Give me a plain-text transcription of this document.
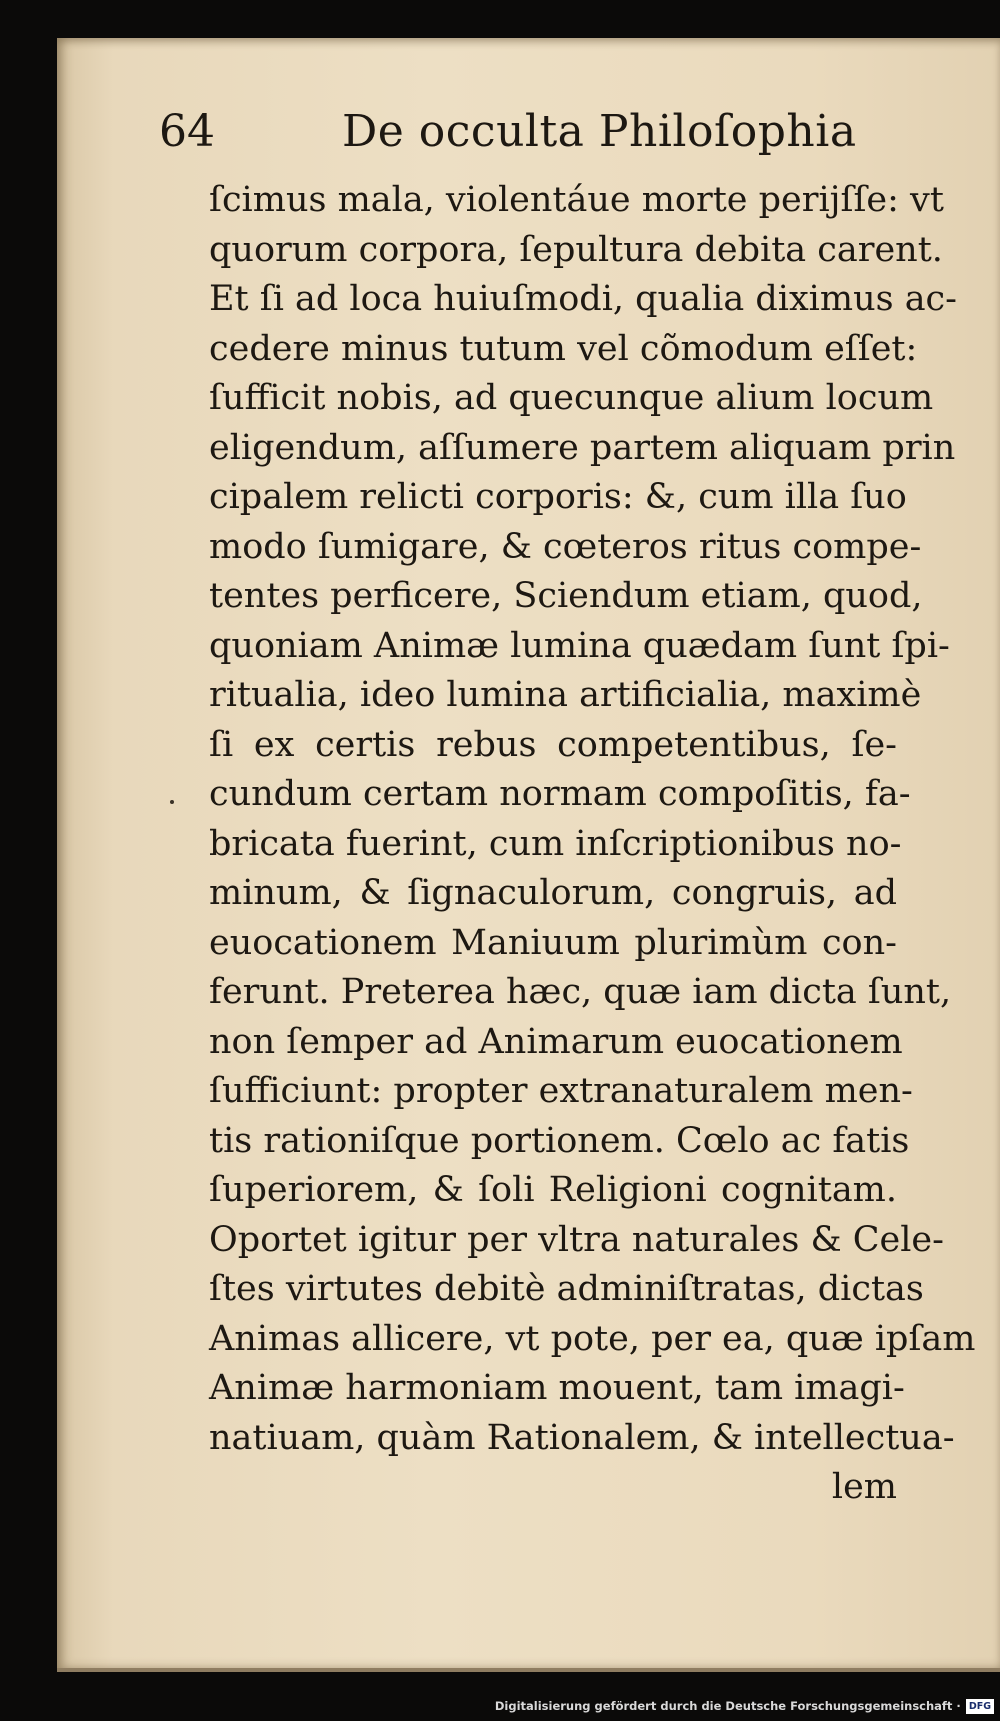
64	De occulta Philoſophia
ſcimus mala, violentáue morte perijſſe: vt
quorum corpora, ſepultura debita carent.
Et ſi ad loca huiuſmodi, qualia diximus ac-
cedere minus tutum vel cõmodum eſſet:
ſufficit nobis, ad quecunque alium locum
eligendum, aſſumere partem aliquam prin
cipalem relicti corporis: &, cum illa ſuo
modo ſumigare, & cœteros ritus compe-
tentes perficere, Sciendum etiam, quod,
quoniam Animæ lumina quædam ſunt ſpi-
ritualia, ideo lumina artificialia, maximè
ſi ex certis rebus competentibus, ſe-
cundum certam normam compoſitis, fa-
bricata fuerint, cum inſcriptionibus no-
minum, & ſignaculorum, congruis, ad
euocationem Maniuum plurimùm con-
ferunt. Preterea hæc, quæ iam dicta ſunt,
non ſemper ad Animarum euocationem
ſufficiunt: propter extranaturalem men-
tis rationiſque portionem. Cœlo ac fatis
ſuperiorem, & ſoli Religioni cognitam.
Oportet igitur per vltra naturales & Cele-
ſtes virtutes debitè adminiſtratas, dictas
Animas allicere, vt pote, per ea, quæ ipſam
Animæ harmoniam mouent, tam imagi-
natiuam, quàm Rationalem, & intellectua-
lem
Digitalisierung gefördert durch die Deutsche Forschungsgemeinschaft · DFG
